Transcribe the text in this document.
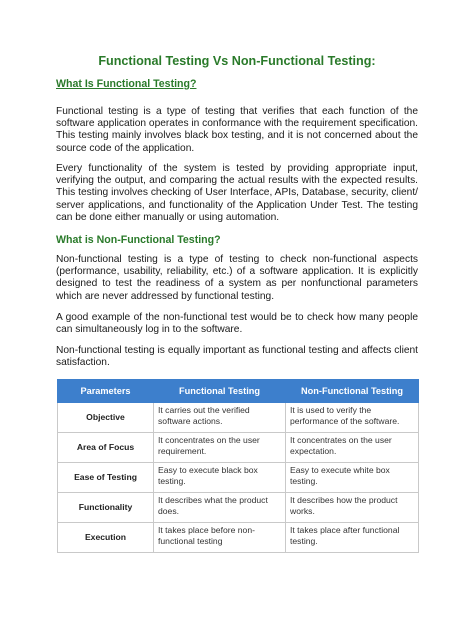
Functional Testing Vs Non-Functional Testing:
What Is Functional Testing?

Functional testing is a type of testing that verifies that each function of the software application operates in conformance with the requirement specification. This testing mainly involves black box testing, and it is not concerned about the source code of the application.

Every functionality of the system is tested by providing appropriate input, verifying the output, and comparing the actual results with the expected results. This testing involves checking of User Interface, APIs, Database, security, client/ server applications, and functionality of the Application Under Test. The testing can be done either manually or using automation.

What is Non-Functional Testing?

Non-functional testing is a type of testing to check non-functional aspects (performance, usability, reliability, etc.) of a software application. It is explicitly designed to test the readiness of a system as per nonfunctional parameters which are never addressed by functional testing.

A good example of the non-functional test would be to check how many people can simultaneously log in to the software.

Non-functional testing is equally important as functional testing and affects client satisfaction.

Parameters	Functional Testing	Non-Functional Testing
Objective	It carries out the verified software actions.	It is used to verify the performance of the software.
Area of Focus	It concentrates on the user requirement.	It concentrates on the user expectation.
Ease of Testing	Easy to execute black box testing.	Easy to execute white box testing.
Functionality	It describes what the product does.	It describes how the product works.
Execution	It takes place before non-functional testing	It takes place after functional testing.
